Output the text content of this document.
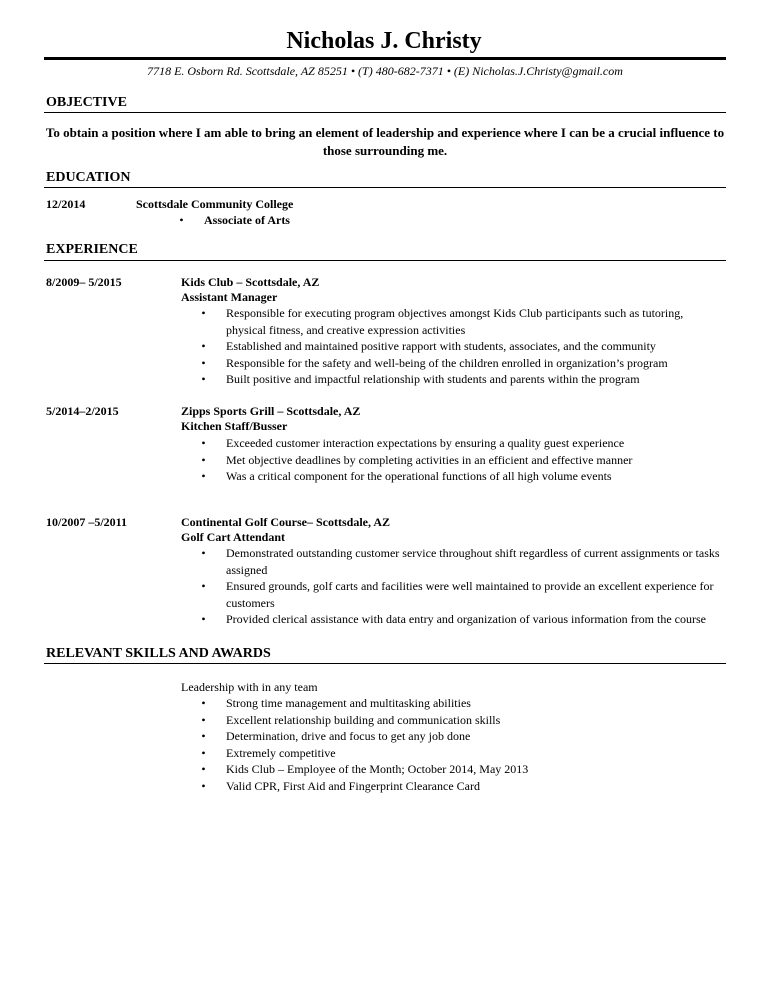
Nicholas J. Christy
7718 E. Osborn Rd. Scottsdale, AZ 85251 • (T) 480-682-7371 • (E) Nicholas.J.Christy@gmail.com
OBJECTIVE
To obtain a position where I am able to bring an element of leadership and experience where I can be a crucial influence to those surrounding me.
EDUCATION
12/2014	Scottsdale Community College
•	Associate of Arts
EXPERIENCE
8/2009– 5/2015	Kids Club – Scottsdale, AZ
Assistant Manager
•	Responsible for executing program objectives amongst Kids Club participants such as tutoring, physical fitness, and creative expression activities
•	Established and maintained positive rapport with students, associates, and the community
•	Responsible for the safety and well-being of the children enrolled in organization’s program
•	Built positive and impactful relationship with students and parents within the program
5/2014–2/2015	Zipps Sports Grill – Scottsdale, AZ
Kitchen Staff/Busser
•	Exceeded customer interaction expectations by ensuring a quality guest experience
•	Met objective deadlines by completing activities in an efficient and effective manner
•	Was a critical component for the operational functions of all high volume events
10/2007 –5/2011	Continental Golf Course– Scottsdale, AZ
Golf Cart Attendant
•	Demonstrated outstanding customer service throughout shift regardless of current assignments or tasks assigned
•	Ensured grounds, golf carts and facilities were well maintained to provide an excellent experience for customers
•	Provided clerical assistance with data entry and organization of various information from the course
RELEVANT SKILLS AND AWARDS
Leadership with in any team
•	Strong time management and multitasking abilities
•	Excellent relationship building and communication skills
•	Determination, drive and focus to get any job done
•	Extremely competitive
•	Kids Club – Employee of the Month; October 2014, May 2013
•	Valid CPR, First Aid and Fingerprint Clearance Card
